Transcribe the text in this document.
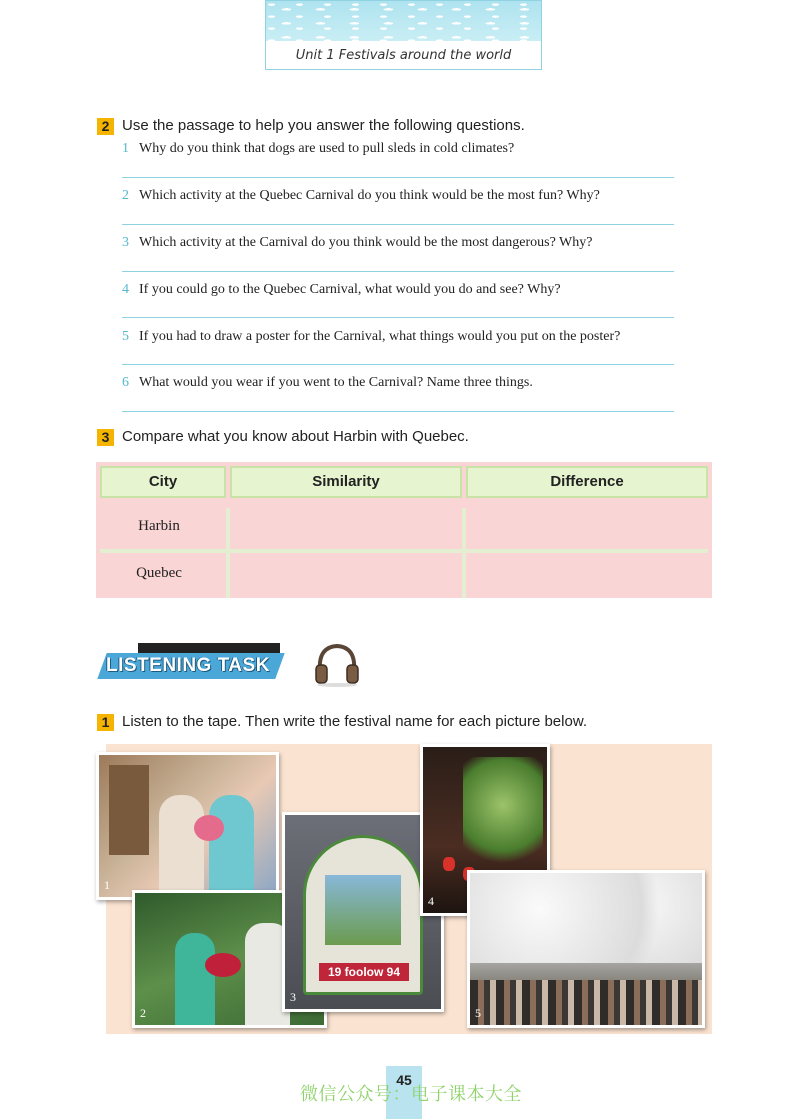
Unit 1 Festivals around the world
2 Use the passage to help you answer the following questions.
1 Why do you think that dogs are used to pull sleds in cold climates?
2 Which activity at the Quebec Carnival do you think would be the most fun? Why?
3 Which activity at the Carnival do you think would be the most dangerous? Why?
4 If you could go to the Quebec Carnival, what would you do and see? Why?
5 If you had to draw a poster for the Carnival, what things would you put on the poster?
6 What would you wear if you went to the Carnival? Name three things.
3 Compare what you know about Harbin with Quebec.
City	Similarity	Difference
Harbin
Quebec
LISTENING TASK
1 Listen to the tape. Then write the festival name for each picture below.
1
2
19 foolow 94
3
4
5
45
微信公众号：电子课本大全
